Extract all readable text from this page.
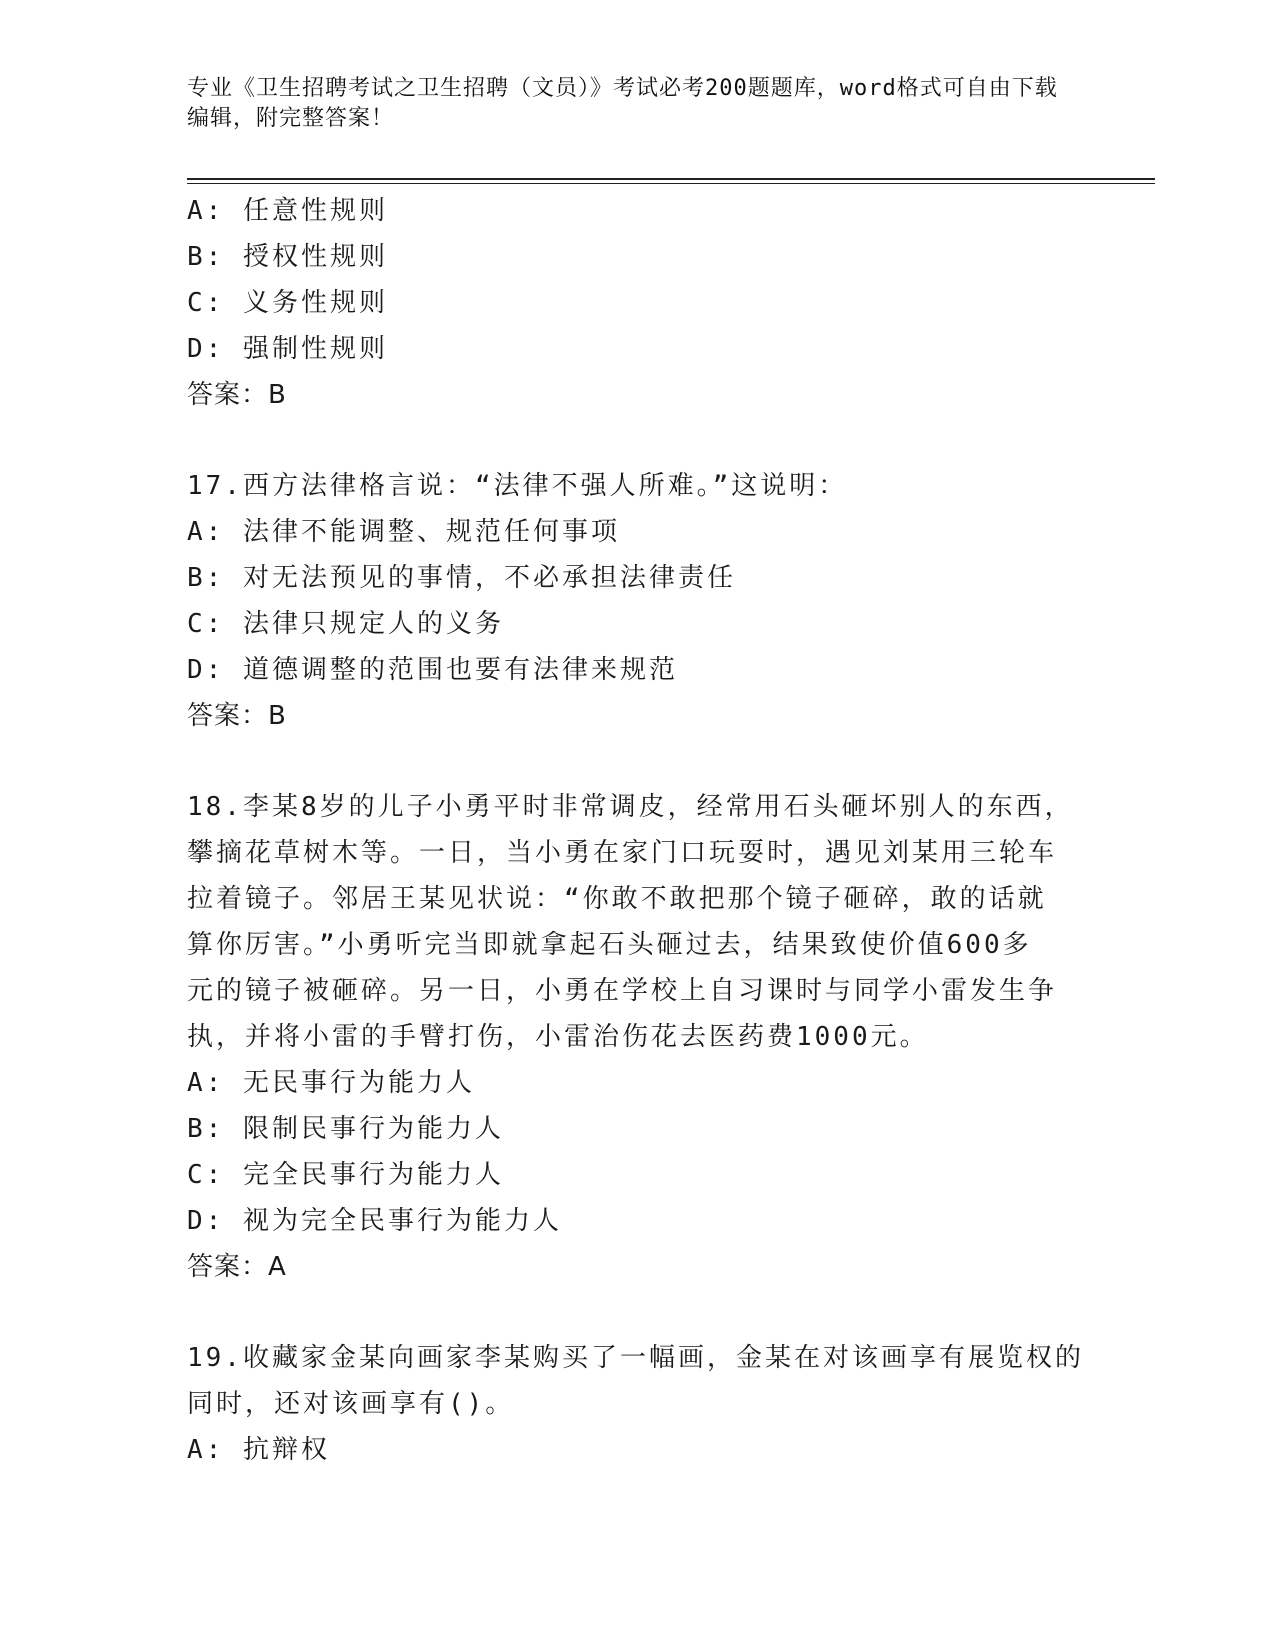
专业《卫生招聘考试之卫生招聘（文员）》考试必考200题题库，word格式可自由下载编辑，附完整答案！

A: 任意性规则

B: 授权性规则

C: 义务性规则

D: 强制性规则

答案：B

17.西方法律格言说：“法律不强人所难。”这说明：

A: 法律不能调整、规范任何事项

B: 对无法预见的事情，不必承担法律责任

C: 法律只规定人的义务

D: 道德调整的范围也要有法律来规范

答案：B

18.李某8岁的儿子小勇平时非常调皮，经常用石头砸坏别人的东西，

攀摘花草树木等。一日，当小勇在家门口玩耍时，遇见刘某用三轮车

拉着镜子。邻居王某见状说：“你敢不敢把那个镜子砸碎，敢的话就

算你厉害。”小勇听完当即就拿起石头砸过去，结果致使价值600多

元的镜子被砸碎。另一日，小勇在学校上自习课时与同学小雷发生争

执，并将小雷的手臂打伤，小雷治伤花去医药费1000元。

A: 无民事行为能力人

B: 限制民事行为能力人

C: 完全民事行为能力人

D: 视为完全民事行为能力人

答案：A

19.收藏家金某向画家李某购买了一幅画，金某在对该画享有展览权的

同时，还对该画享有()。

A: 抗辩权
